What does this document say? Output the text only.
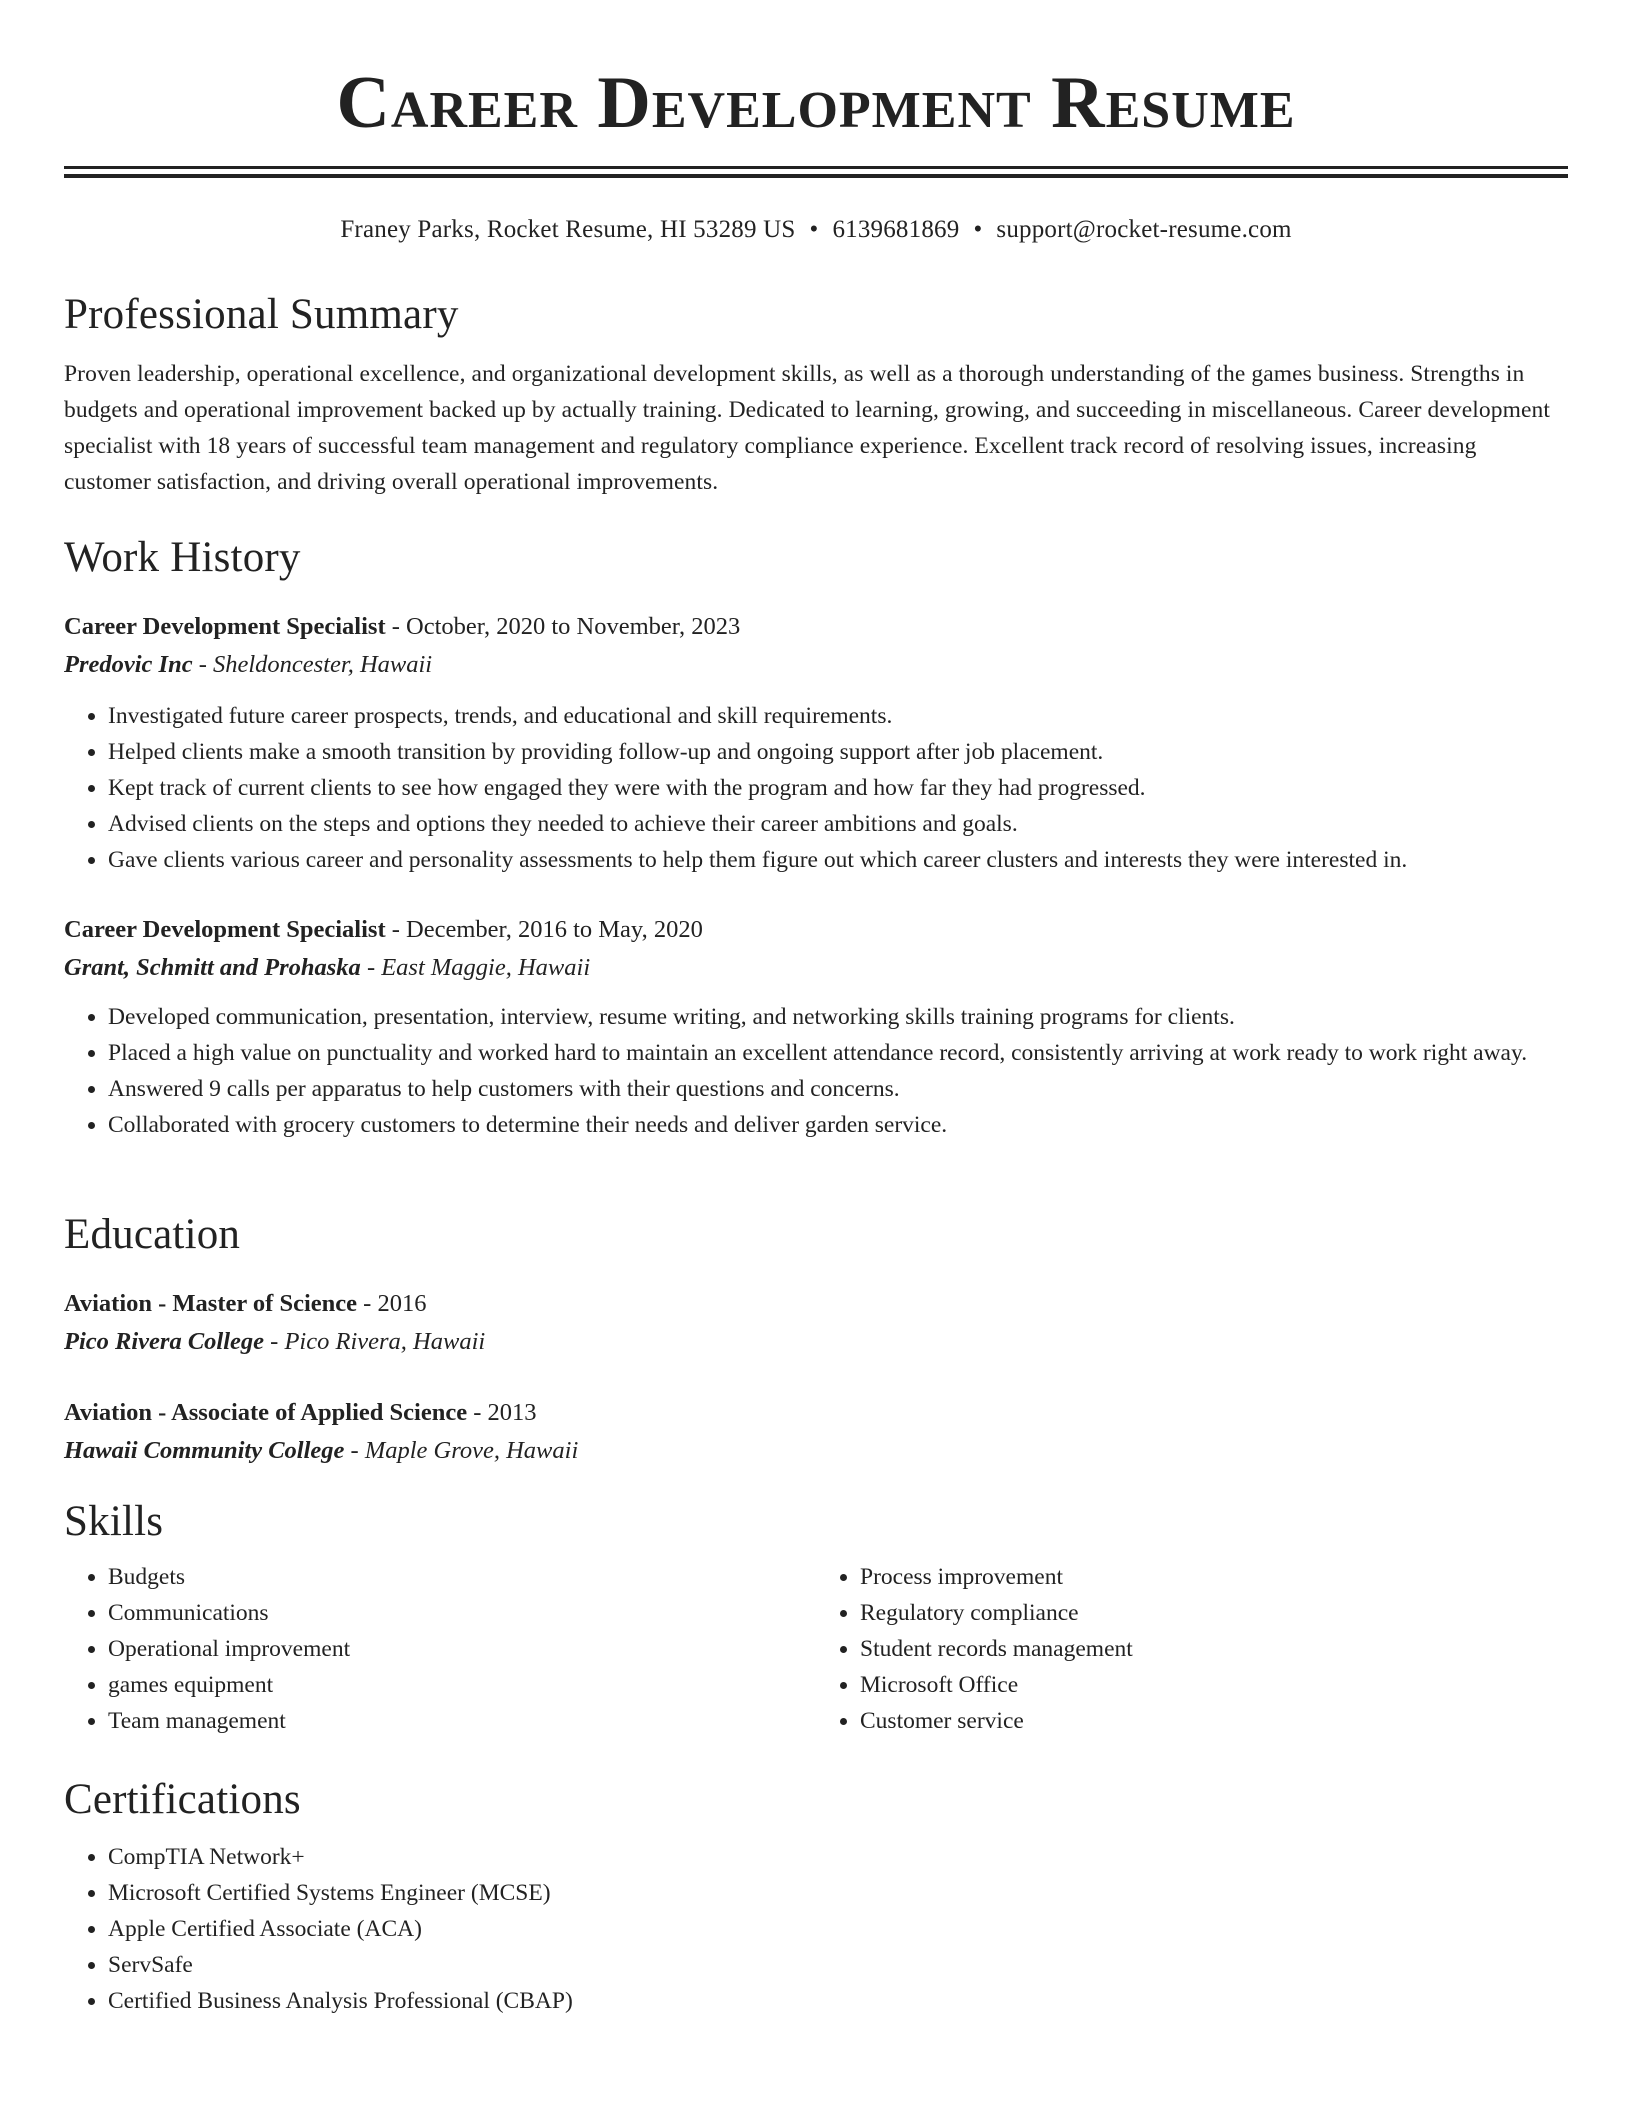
Career Development Resume
Franey Parks, Rocket Resume, HI 53289 US • 6139681869 • support@rocket-resume.com
Professional Summary

Proven leadership, operational excellence, and organizational development skills, as well as a thorough understanding of the games business. Strengths in budgets and operational improvement backed up by actually training. Dedicated to learning, growing, and succeeding in miscellaneous. Career development specialist with 18 years of successful team management and regulatory compliance experience. Excellent track record of resolving issues, increasing customer satisfaction, and driving overall operational improvements.

Work History
Career Development Specialist - October, 2020 to November, 2023
Predovic Inc - Sheldoncester, Hawaii
• Investigated future career prospects, trends, and educational and skill requirements.
• Helped clients make a smooth transition by providing follow-up and ongoing support after job placement.
• Kept track of current clients to see how engaged they were with the program and how far they had progressed.
• Advised clients on the steps and options they needed to achieve their career ambitions and goals.
• Gave clients various career and personality assessments to help them figure out which career clusters and interests they were interested in.
Career Development Specialist - December, 2016 to May, 2020
Grant, Schmitt and Prohaska - East Maggie, Hawaii
• Developed communication, presentation, interview, resume writing, and networking skills training programs for clients.
• Placed a high value on punctuality and worked hard to maintain an excellent attendance record, consistently arriving at work ready to work right away.
• Answered 9 calls per apparatus to help customers with their questions and concerns.
• Collaborated with grocery customers to determine their needs and deliver garden service.
Education
Aviation - Master of Science - 2016
Pico Rivera College - Pico Rivera, Hawaii
Aviation - Associate of Applied Science - 2013
Hawaii Community College - Maple Grove, Hawaii
Skills
• Budgets
• Communications
• Operational improvement
• games equipment
• Team management
• Process improvement
• Regulatory compliance
• Student records management
• Microsoft Office
• Customer service
Certifications
• CompTIA Network+
• Microsoft Certified Systems Engineer (MCSE)
• Apple Certified Associate (ACA)
• ServSafe
• Certified Business Analysis Professional (CBAP)
